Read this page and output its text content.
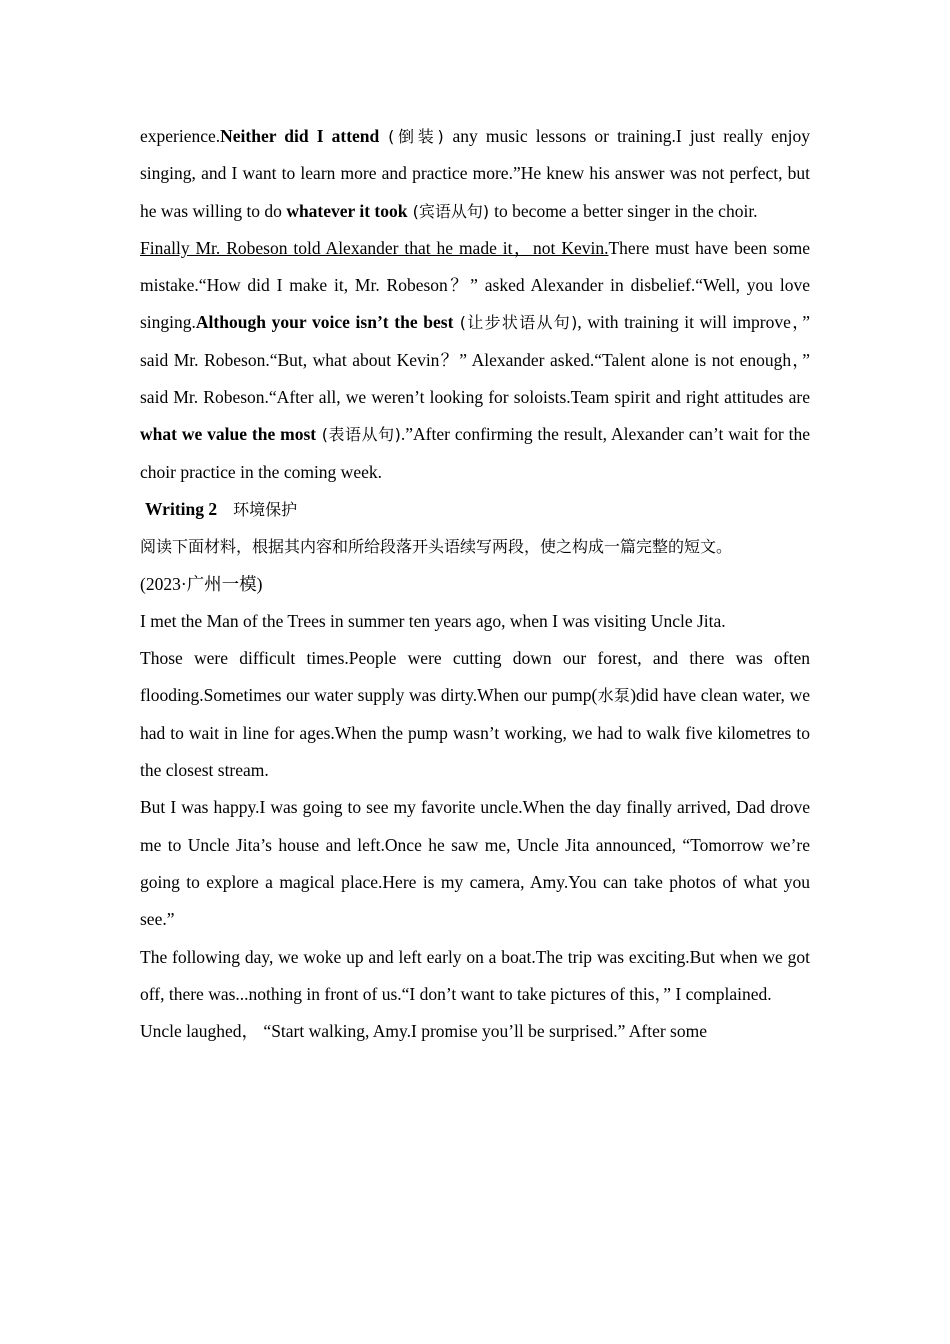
experience.Neither did I attend (倒装) any music lessons or training.I just really enjoy singing, and I want to learn more and practice more.”He knew his answer was not perfect, but he was willing to do whatever it took (宾语从句) to become a better singer in the choir.

Finally Mr. Robeson told Alexander that he made it，not Kevin.There must have been some mistake.“How did I make it, Mr. Robeson？” asked Alexander in disbelief.“Well, you love singing.Although your voice isn’t the best (让步状语从句), with training it will improve，” said Mr. Robeson.“But, what about Kevin？” Alexander asked.“Talent alone is not enough，” said Mr. Robeson.“After all, we weren’t looking for soloists.Team spirit and right attitudes are what we value the most (表语从句).”After confirming the result, Alexander can’t wait for the choir practice in the coming week.

Writing 2 环境保护

阅读下面材料，根据其内容和所给段落开头语续写两段，使之构成一篇完整的短文。

(2023·广州一模)

I met the Man of the Trees in summer ten years ago, when I was visiting Uncle Jita.

Those were difficult times.People were cutting down our forest, and there was often flooding.Sometimes our water supply was dirty.When our pump(水泵)did have clean water, we had to wait in line for ages.When the pump wasn’t working, we had to walk five kilometres to the closest stream.

But I was happy.I was going to see my favorite uncle.When the day finally arrived, Dad drove me to Uncle Jita’s house and left.Once he saw me, Uncle Jita announced, “Tomorrow we’re going to explore a magical place.Here is my camera, Amy.You can take photos of what you see.”

The following day, we woke up and left early on a boat.The trip was exciting.But when we got off, there was...nothing in front of us.“I don’t want to take pictures of this，” I complained.

Uncle laughed， “Start walking, Amy.I promise you’ll be surprised.” After some
